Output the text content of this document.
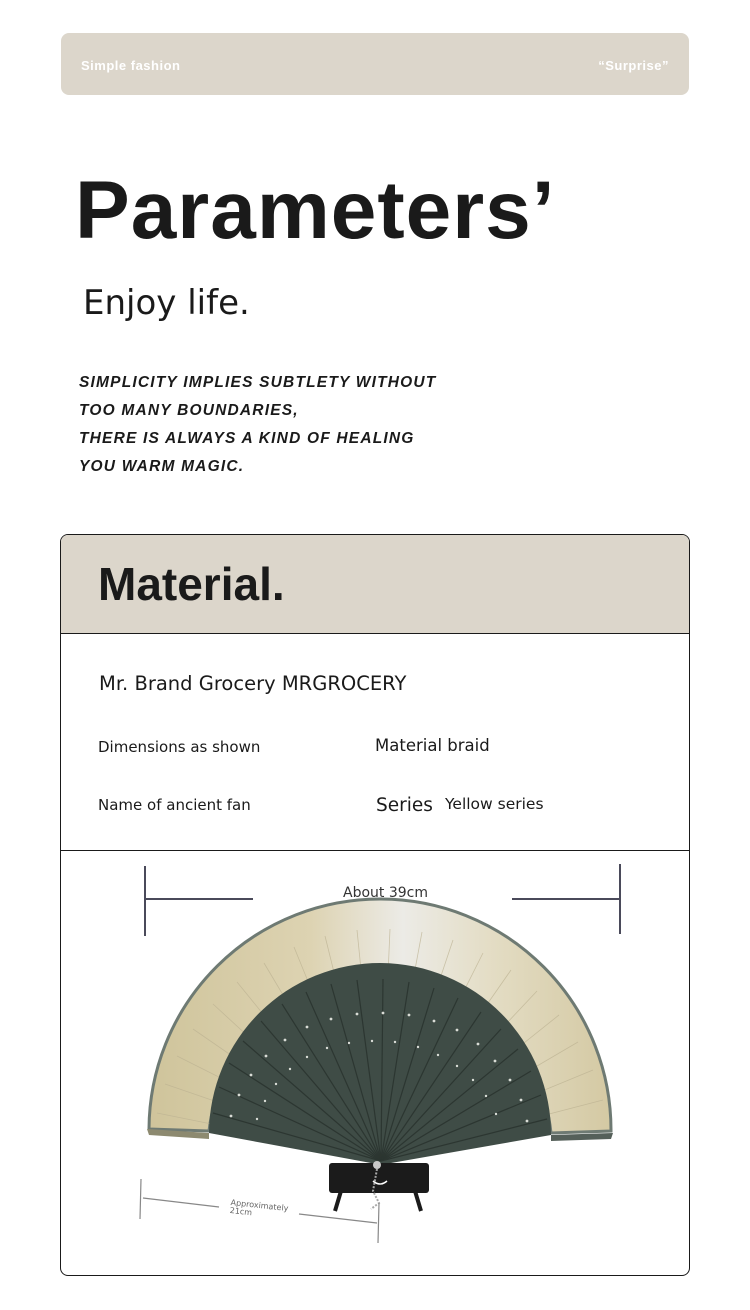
Simple fashion	“Surprise”
Parameters’
Enjoy life.
SIMPLICITY IMPLIES SUBTLETY WITHOUT
TOO MANY BOUNDARIES,
THERE IS ALWAYS A KIND OF HEALING
YOU WARM MAGIC.
Material.
Mr. Brand Grocery MRGROCERY
Dimensions as shown	Material braid
Name of ancient fan	Series Yellow series
About 39cm
Approximately 21cm
